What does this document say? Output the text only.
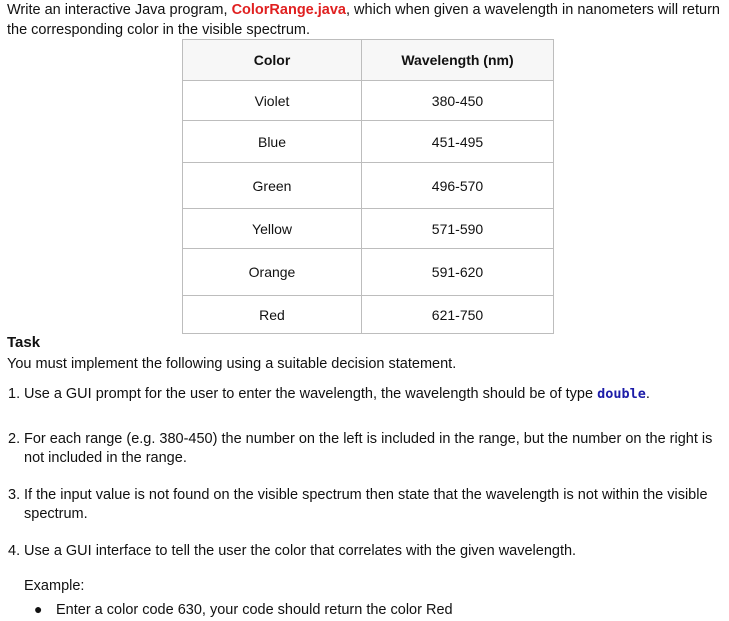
Write an interactive Java program, ColorRange.java, which when given a wavelength in nanometers will return the corresponding color in the visible spectrum.
Color	Wavelength (nm)
Violet	380-450
Blue	451-495
Green	496-570
Yellow	571-590
Orange	591-620
Red	621-750
Task
You must implement the following using a suitable decision statement.
1. Use a GUI prompt for the user to enter the wavelength, the wavelength should be of type double.
2. For each range (e.g. 380-450) the number on the left is included in the range, but the number on the right is not included in the range.
3. If the input value is not found on the visible spectrum then state that the wavelength is not within the visible spectrum.
4. Use a GUI interface to tell the user the color that correlates with the given wavelength.
Example:
● Enter a color code 630, your code should return the color Red
